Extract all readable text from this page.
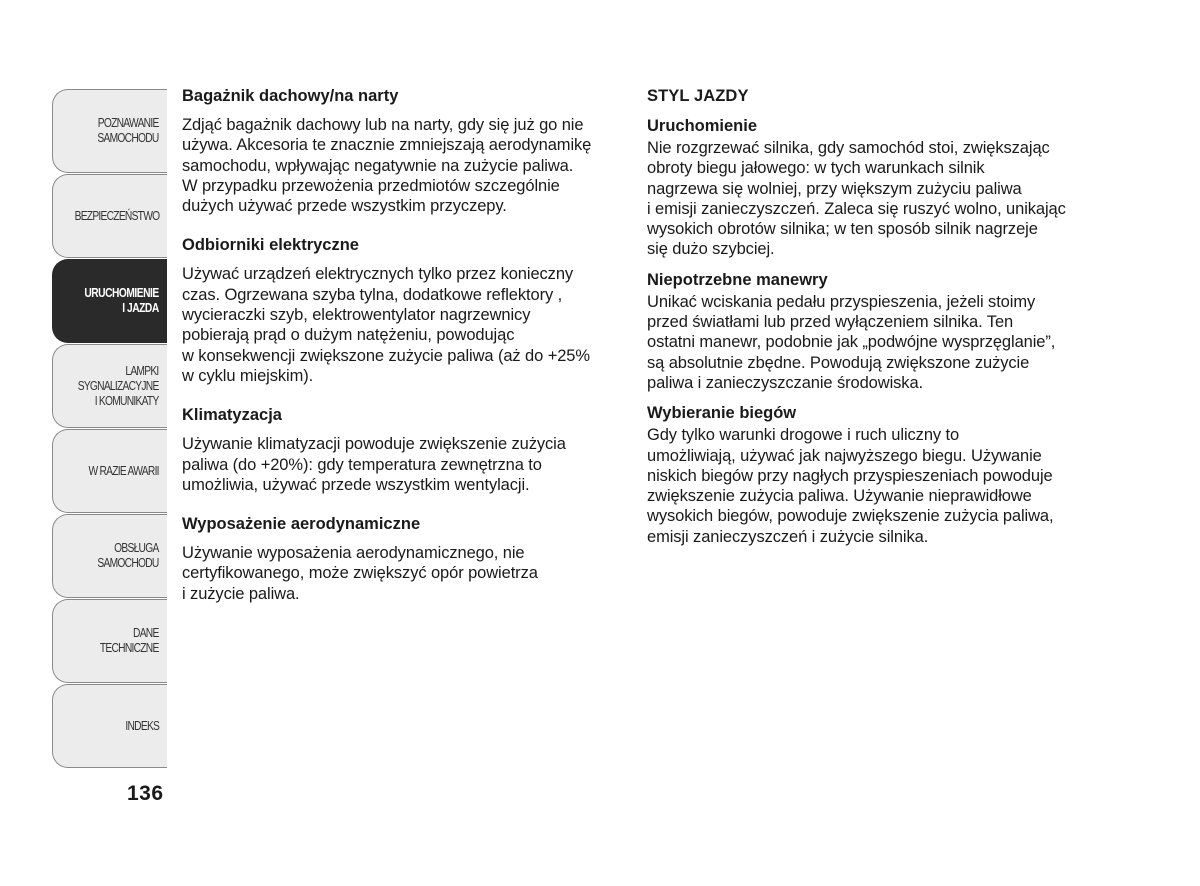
POZNAWANIE
SAMOCHODU
BEZPIECZEŃSTWO
URUCHOMIENIE
I JAZDA
LAMPKI
SYGNALIZACYJNE
I KOMUNIKATY
W RAZIE AWARII
OBSŁUGA
SAMOCHODU
DANE
TECHNICZNE
INDEKS
136

Bagażnik dachowy/na narty

Zdjąć bagażnik dachowy lub na narty, gdy się już go nie
używa. Akcesoria te znacznie zmniejszają aerodynamikę
samochodu, wpływając negatywnie na zużycie paliwa.
W przypadku przewożenia przedmiotów szczególnie
dużych używać przede wszystkim przyczepy.

Odbiorniki elektryczne

Używać urządzeń elektrycznych tylko przez konieczny
czas. Ogrzewana szyba tylna, dodatkowe reflektory ,
wycieraczki szyb, elektrowentylator nagrzewnicy
pobierają prąd o dużym natężeniu, powodując
w konsekwencji zwiększone zużycie paliwa (aż do +25%
w cyklu miejskim).

Klimatyzacja

Używanie klimatyzacji powoduje zwiększenie zużycia
paliwa (do +20%): gdy temperatura zewnętrzna to
umożliwia, używać przede wszystkim wentylacji.

Wyposażenie aerodynamiczne

Używanie wyposażenia aerodynamicznego, nie
certyfikowanego, może zwiększyć opór powietrza
i zużycie paliwa.

STYL JAZDY

Uruchomienie

Nie rozgrzewać silnika, gdy samochód stoi, zwiększając
obroty biegu jałowego: w tych warunkach silnik
nagrzewa się wolniej, przy większym zużyciu paliwa
i emisji zanieczyszczeń. Zaleca się ruszyć wolno, unikając
wysokich obrotów silnika; w ten sposób silnik nagrzeje
się dużo szybciej.

Niepotrzebne manewry

Unikać wciskania pedału przyspieszenia, jeżeli stoimy
przed światłami lub przed wyłączeniem silnika. Ten
ostatni manewr, podobnie jak „podwójne wysprzęglanie”,
są absolutnie zbędne. Powodują zwiększone zużycie
paliwa i zanieczyszczanie środowiska.

Wybieranie biegów

Gdy tylko warunki drogowe i ruch uliczny to
umożliwiają, używać jak najwyższego biegu. Używanie
niskich biegów przy nagłych przyspieszeniach powoduje
zwiększenie zużycia paliwa. Używanie nieprawidłowe
wysokich biegów, powoduje zwiększenie zużycia paliwa,
emisji zanieczyszczeń i zużycie silnika.
